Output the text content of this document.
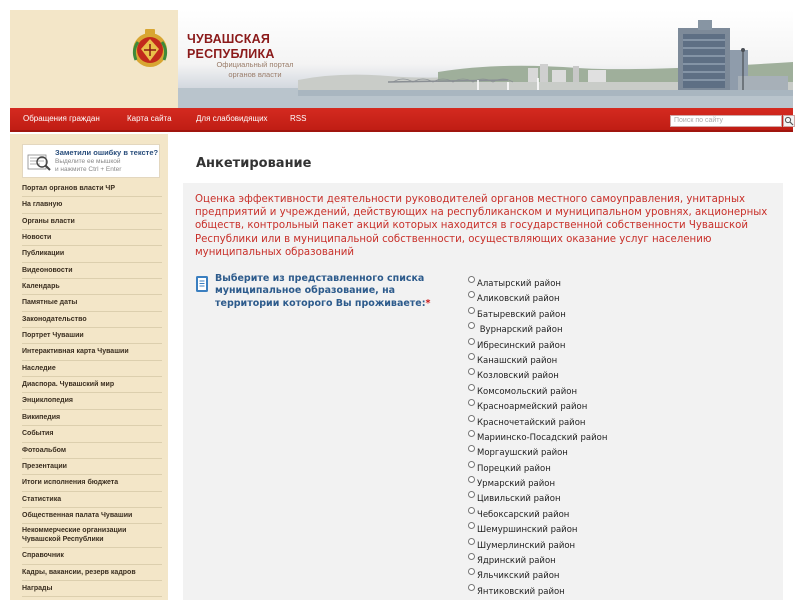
ЧУВАШСКАЯ
РЕСПУБЛИКА
Официальный портал
органов власти
Обращения граждан	Карта сайта	Для слабовидящих	RSS	Поиск по сайту
Заметили ошибку в тексте?
Выделите ее мышкой
и нажмите Ctrl + Enter
Портал органов власти ЧР
На главную
Органы власти
Новости
Публикации
Видеоновости
Календарь
Памятные даты
Законодательство
Портрет Чувашии
Интерактивная карта Чувашии
Наследие
Диаспора. Чувашский мир
Энциклопедия
Википедия
События
Фотоальбом
Презентации
Итоги исполнения бюджета
Статистика
Общественная палата Чувашии
Некоммерческие организации Чувашской Республики
Справочник
Кадры, вакансии, резерв кадров
Награды
Анкетирование

Оценка эффективности деятельности руководителей органов местного самоуправления, унитарных предприятий и учреждений, действующих на республиканском и муниципальном уровнях, акционерных обществ, контрольный пакет акций которых находится в государственной собственности Чувашской Республики или в муниципальной собственности, осуществляющих оказание услуг населению муниципальных образований

Выберите из представленного списка муниципальное образование, на территории которого Вы проживаете:*
Алатырский район
Аликовский район
Батыревский район
Вурнарский район
Ибресинский район
Канашский район
Козловский район
Комсомольский район
Красноармейский район
Красночетайский район
Мариинско-Посадский район
Моргаушский район
Порецкий район
Урмарский район
Цивильский район
Чебоксарский район
Шемуршинский район
Шумерлинский район
Ядринский район
Яльчикский район
Янтиковский район
